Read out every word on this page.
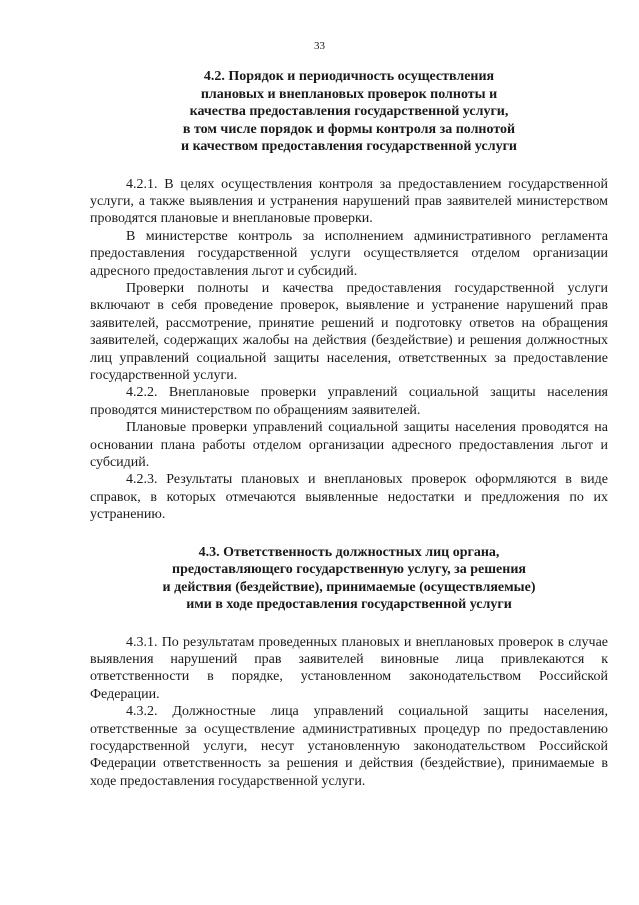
33
4.2. Порядок и периодичность осуществления
плановых и внеплановых проверок полноты и
качества предоставления государственной услуги,
в том числе порядок и формы контроля за полнотой
и качеством предоставления государственной услуги

4.2.1. В целях осуществления контроля за предоставлением государственной услуги, а также выявления и устранения нарушений прав заявителей министерством проводятся плановые и внеплановые проверки.

В министерстве контроль за исполнением административного регламента предоставления государственной услуги осуществляется отделом организации адресного предоставления льгот и субсидий.

Проверки полноты и качества предоставления государственной услуги включают в себя проведение проверок, выявление и устранение нарушений прав заявителей, рассмотрение, принятие решений и подготовку ответов на обращения заявителей, содержащих жалобы на действия (бездействие) и решения должностных лиц управлений социальной защиты населения, ответственных за предоставление государственной услуги.

4.2.2. Внеплановые проверки управлений социальной защиты населения проводятся министерством по обращениям заявителей.

Плановые проверки управлений социальной защиты населения проводятся на основании плана работы отделом организации адресного предоставления льгот и субсидий.

4.2.3. Результаты плановых и внеплановых проверок оформляются в виде справок, в которых отмечаются выявленные недостатки и предложения по их устранению.

4.3. Ответственность должностных лиц органа,
предоставляющего государственную услугу, за решения
и действия (бездействие), принимаемые (осуществляемые)
ими в ходе предоставления государственной услуги

4.3.1. По результатам проведенных плановых и внеплановых проверок в случае выявления нарушений прав заявителей виновные лица привлекаются к ответственности в порядке, установленном законодательством Российской Федерации.

4.3.2. Должностные лица управлений социальной защиты населения, ответственные за осуществление административных процедур по предоставлению государственной услуги, несут установленную законодательством Российской Федерации ответственность за решения и действия (бездействие), принимаемые в ходе предоставления государственной услуги.
